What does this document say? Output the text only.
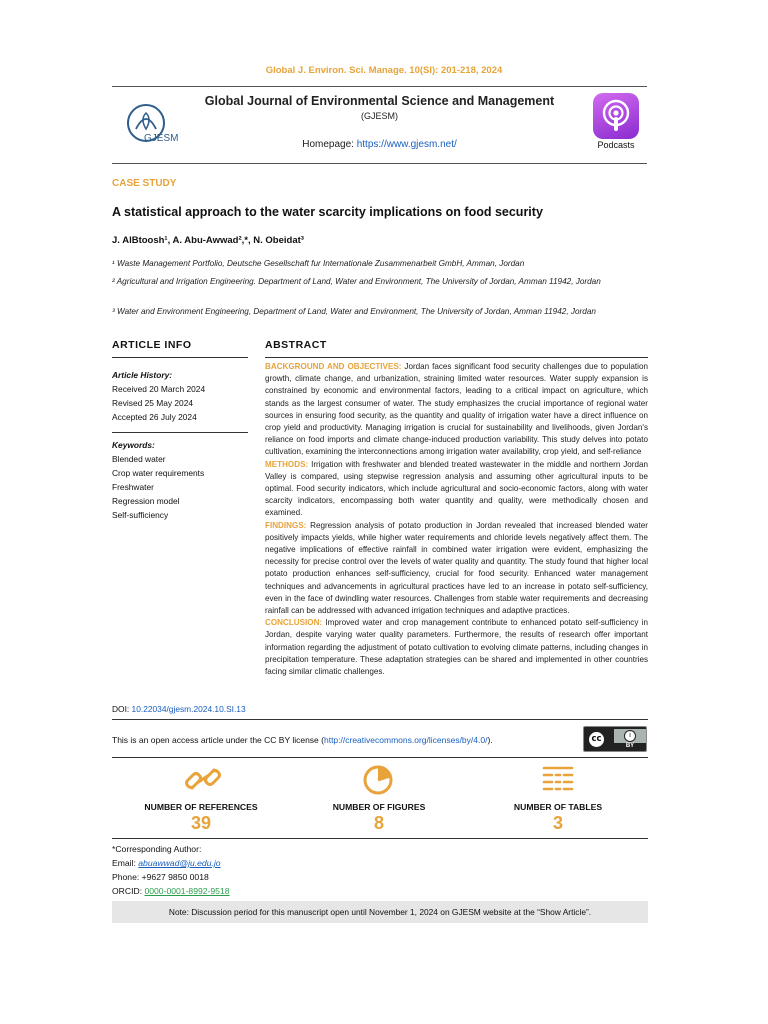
Global J. Environ. Sci. Manage. 10(SI): 201-218, 2024
GJESM
Global Journal of Environmental Science and Management
(GJESM)
Homepage: https://www.gjesm.net/	Podcasts
CASE STUDY
A statistical approach to the water scarcity implications on food security
J. AlBtoosh¹, A. Abu-Awwad²,*, N. Obeidat³
¹ Waste Management Portfolio, Deutsche Gesellschaft fur Internationale Zusammenarbeit GmbH, Amman, Jordan
² Agricultural and Irrigation Engineering. Department of Land, Water and Environment, The University of Jordan, Amman 11942, Jordan
³ Water and Environment Engineering, Department of Land, Water and Environment, The University of Jordan, Amman 11942, Jordan
ARTICLE INFO	ABSTRACT
Article History:
Received 20 March 2024
Revised 25 May 2024
Accepted 26 July 2024
Keywords:
Blended water
Crop water requirements
Freshwater
Regression model
Self-sufficiency
BACKGROUND AND OBJECTIVES: Jordan faces significant food security challenges due to population growth, climate change, and urbanization, straining limited water resources. Water supply expansion is constrained by economic and environmental factors, leading to a critical impact on agriculture, which stands as the largest consumer of water. The study emphasizes the crucial importance of regional water sources in ensuring food security, as the quantity and quality of irrigation water have a direct influence on crop yield and productivity. Managing irrigation is crucial for sustainability and livelihoods, given Jordan's reliance on food imports and climate change-induced production variability. This study delves into potato cultivation, examining the interconnections among irrigation water availability, crop yield, and self-reliance
METHODS: Irrigation with freshwater and blended treated wastewater in the middle and northern Jordan Valley is compared, using stepwise regression analysis and assuming other agricultural inputs to be optimal. Food security indicators, which include agricultural and socio-economic factors, along with water scarcity indicators, encompassing both water quantity and quality, were methodically chosen and examined.
FINDINGS: Regression analysis of potato production in Jordan revealed that increased blended water positively impacts yields, while higher water requirements and chloride levels negatively affect them. The negative implications of effective rainfall in combined water irrigation were evident, emphasizing the necessity for precise control over the levels of water quality and quantity. The study found that higher local potato production enhances self-sufficiency, crucial for food security. Enhanced water management techniques and advancements in agricultural practices have led to an increase in potato self-sufficiency, even in the face of dwindling water resources. Challenges from stable water requirements and decreasing rainfall can be addressed with advanced irrigation techniques and adaptive practices.
CONCLUSION: Improved water and crop management contribute to enhanced potato self-sufficiency in Jordan, despite varying water quality parameters. Furthermore, the results of research offer important information regarding the adjustment of potato cultivation to evolving climate patterns, including changes in precipitation temperature. These adaptation strategies can be shared and implemented in other countries facing similar climatic challenges.
DOI: 10.22034/gjesm.2024.10.SI.13
This is an open access article under the CC BY license (http://creativecommons.org/licenses/by/4.0/).	cc	i
BY
NUMBER OF REFERENCES
39
NUMBER OF FIGURES
8
NUMBER OF TABLES
3
*Corresponding Author:
Email: abuawwad@ju.edu.jo
Phone: +9627 9850 0018
ORCID: 0000-0001-8992-9518
Note: Discussion period for this manuscript open until November 1, 2024 on GJESM website at the “Show Article”.
